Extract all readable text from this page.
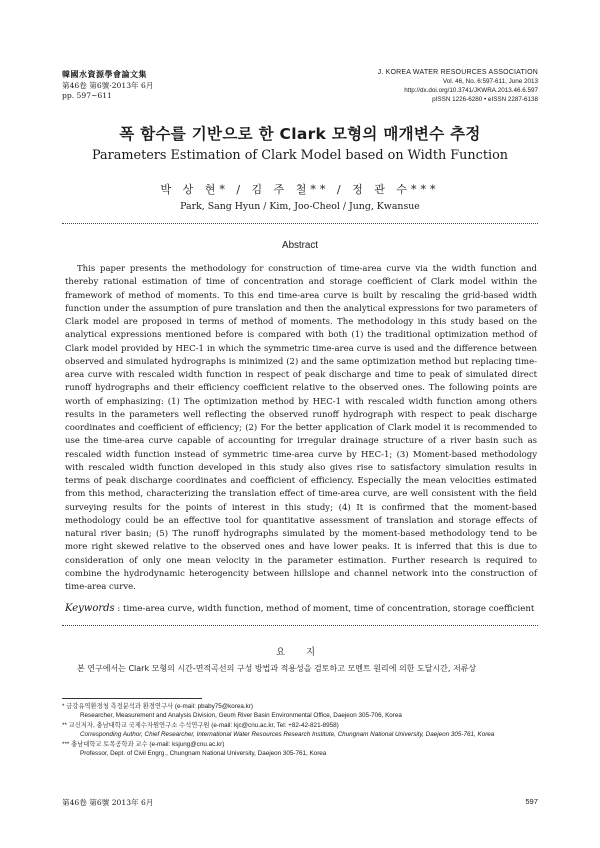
韓國水資源學會論文集
第46卷 第6號·2013年 6月
pp. 597~611
J. KOREA WATER RESOURCES ASSOCIATION
Vol. 46, No. 6:597-611, June 2013
http://dx.doi.org/10.3741/JKWRA.2013.46.6.597
pISSN 1226-6280 • eISSN 2287-6138
폭 함수를 기반으로 한 Clark 모형의 매개변수 추정
Parameters Estimation of Clark Model based on Width Function
박 상 현* / 김 주 철** / 정 관 수***
Park, Sang Hyun / Kim, Joo-Cheol / Jung, Kwansue
Abstract

This paper presents the methodology for construction of time-area curve via the width function and thereby rational estimation of time of concentration and storage coefficient of Clark model within the framework of method of moments. To this end time-area curve is built by rescaling the grid-based width function under the assumption of pure translation and then the analytical expressions for two parameters of Clark model are proposed in terms of method of moments. The methodology in this study based on the analytical expressions mentioned before is compared with both (1) the traditional optimization method of Clark model provided by HEC-1 in which the symmetric time-area curve is used and the difference between observed and simulated hydrographs is minimized (2) and the same optimization method but replacing time-area curve with rescaled width function in respect of peak discharge and time to peak of simulated direct runoff hydrographs and their efficiency coefficient relative to the observed ones. The following points are worth of emphasizing: (1) The optimization method by HEC-1 with rescaled width function among others results in the parameters well reflecting the observed runoff hydrograph with respect to peak discharge coordinates and coefficient of efficiency; (2) For the better application of Clark model it is recommended to use the time-area curve capable of accounting for irregular drainage structure of a river basin such as rescaled width function instead of symmetric time-area curve by HEC-1; (3) Moment-based methodology with rescaled width function developed in this study also gives rise to satisfactory simulation results in terms of peak discharge coordinates and coefficient of efficiency. Especially the mean velocities estimated from this method, characterizing the translation effect of time-area curve, are well consistent with the field surveying results for the points of interest in this study; (4) It is confirmed that the moment-based methodology could be an effective tool for quantitative assessment of translation and storage effects of natural river basin; (5) The runoff hydrographs simulated by the moment-based methodology tend to be more right skewed relative to the observed ones and have lower peaks. It is inferred that this is due to consideration of only one mean velocity in the parameter estimation. Further research is required to combine the hydrodynamic heterogencity between hillslope and channel network into the construction of time-area curve.

Keywords : time-area curve, width function, method of moment, time of concentration, storage coefficient

요 지

본 연구에서는 Clark 모형의 시간-면적곡선의 구성 방법과 적용성을 검토하고 모멘트 원리에 의한 도달시간, 저류상

* 금강유역환경청 측정분석과 환경연구사 (e-mail: pbaby75@korea.kr)

Researcher, Measurement and Analysis Division, Geum River Basin Environmental Office, Daejeon 305-706, Korea

** 교신저자, 충남대학교 국제수자원연구소 수석연구원 (e-mail: kjc@cnu.ac.kr, Tel: +82-42-821-8958)

Corresponding Author, Chief Researcher, International Water Resources Research Institute, Chungnam National University, Daejeon 305-761, Korea

*** 충남대학교 토목공학과 교수 (e-mail: ksjung@cnu.ac.kr)

Professor, Dept. of Civil Engrg., Chungnam National University, Daejeon 305-761, Korea

第46卷 第6號 2013年 6月	597
